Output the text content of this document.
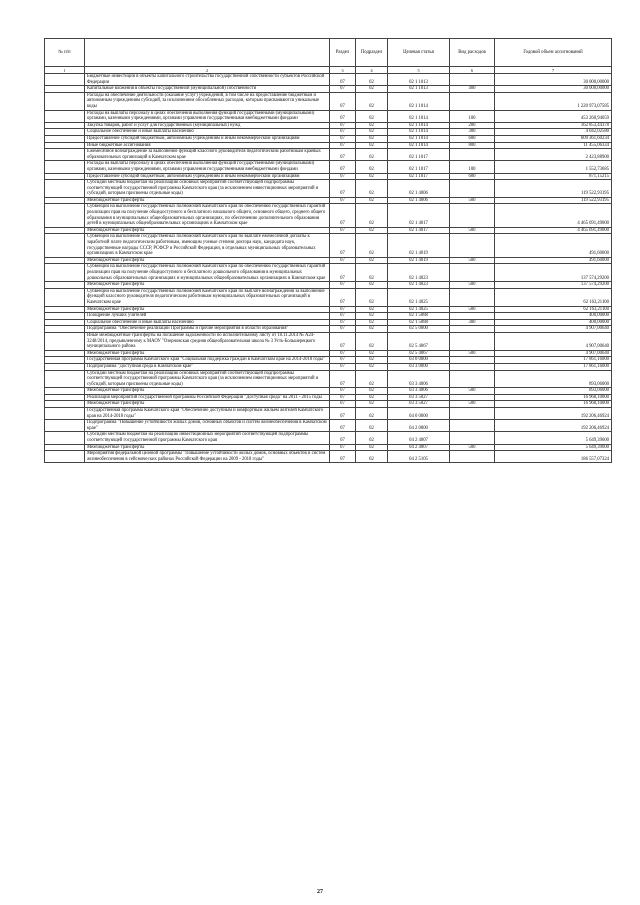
№ п/п		Раздел	Подраздел	Целевая статья	Вид расходов	Годовой объем ассигнований
1	2	3	4	5	6	7
	Бюджетные инвестиции в объекты капитального строительства государственной собственности субъектов Российской Федерации	07	02	02 1 1013		30 000,00000
	Капитальные вложения в объекты государственной (муниципальной) собственности	07	02	02 1 1013	400	30 000,00000
	Расходы на обеспечение деятельности (оказание услуг) учреждений, в том числе на предоставление бюджетным и автономным учреждениям субсидий, за исключением обособленных расходов, которым присваиваются уникальные коды	07	02	02 1 1014		1 220 973,07585
	Расходы на выплаты персоналу в целях обеспечения выполнения функций государственными (муниципальными) органами, казенными учреждениями, органами управления государственными внебюджетными фондами	07	02	02 1 1014	100	453 260,94059
	Закупка товаров, работ и услуг для государственных (муниципальных) нужд	07	02	02 1 1014	200	162 853,44378
	Социальное обеспечение и иные выплаты населению	07	02	02 1 1014	300	4 042,02580
	Предоставление субсидий бюджетным, автономным учреждениям и иным некоммерческим организациям	07	02	02 1 1014	600	609 361,60234
	Иные бюджетные ассигнования	07	02	02 1 1014	800	11 455,06334
	Ежемесячное вознаграждение за выполнение функций классного руководителя педагогическим работникам краевых образовательных организаций в Камчатском крае	07	02	02 1 1017		2 423,88900
	Расходы на выплаты персоналу в целях обеспечения выполнения функций государственными (муниципальными) органами, казенными учреждениями, органами управления государственными внебюджетными фондами	07	02	02 1 1017	100	1 552,73685
	Предоставление субсидий бюджетным, автономным учреждениям и иным некоммерческим организациям	07	02	02 1 1017	600	871,15215
	Субсидии местным бюджетам на реализацию основных мероприятий соответствующей подпрограммы соответствующей государственной программы Камчатского края (за исключением инвестиционных мероприятий и субсидий, которым присвоены отдельные коды)	07	02	02 1 4006		119 522,93195
	Межбюджетные трансферты	07	02	02 1 4006	500	119 522,93195
	Субвенции на выполнение государственных полномочий Камчатского края по обеспечению государственных гарантий реализации прав на получение общедоступного и бесплатного начального общего, основного общего, среднего общего образования в муниципальных общеобразовательных организациях, по обеспечению дополнительного образования детей в муниципальных общеобразовательных организациях в Камчатском крае	07	02	02 1 4017		4 465 691,49000
	Межбюджетные трансферты	07	02	02 1 4017	500	4 465 691,49000
	Субвенции на выполнение государственных полномочий Камчатского края по выплате ежемесячной доплаты к заработной плате педагогическим работникам, имеющим ученые степени доктора наук, кандидата наук, государственные награды СССР, РСФСР и Российской Федерации, в отдельных муниципальных образовательных организациях в Камчатском крае	07	02	02 1 4019		491,60000
	Межбюджетные трансферты	07	02	02 1 4019	500	491,60000
	Субвенции на выполнение государственных полномочий Камчатского края по обеспечению государственных гарантий реализации прав на получение общедоступного и бесплатного дошкольного образования в муниципальных дошкольных образовательных организациях и муниципальных общеобразовательных организациях в Камчатском крае	07	02	02 1 4023		137 574,29200
	Межбюджетные трансферты	07	02	02 1 4023	500	137 574,29200
	Субвенции на выполнение государственных полномочий Камчатского края по выплате вознаграждения за выполнение функций классного руководителя педагогическим работникам муниципальных образовательных организаций в Камчатском крае	07	02	02 1 4025		62 163,21100
	Межбюджетные трансферты	07	02	02 1 4025	500	62 163,21100
	Поощрение лучших учителей	07	02	02 1 5088		400,00000
	Социальное обеспечение и иные выплаты населению	07	02	02 1 5088	300	400,00000
	Подпрограмма "Обеспечение реализации Программы и прочие мероприятия в области образования"	07	02	02 5 0000		4 907,00640
	Иные межбюджетные трансферты на погашение задолженности по исполнительному листу от 18.11.2014 № А24-3248/2014, предъявленному к МАОУ "Озерновская средняя общеобразовательная школа № 3 Усть-Большерецкого муниципального района	07	02	02 5 4067		4 907,00640
	Межбюджетные трансферты	07	02	02 5 4067	500	4 907,00640
	Государственная программа Камчатского края "Социальная поддержка граждан в Камчатском крае на 2014-2018 годы"	07	02	03 0 0000		17 861,16000
	Подпрограмма "Доступная среда в Камчатском крае"	07	02	03 3 0000		17 861,16000
	Субсидии местным бюджетам на реализацию основных мероприятий соответствующей подпрограммы соответствующей государственной программы Камчатского края (за исключением инвестиционных мероприятий и субсидий, которым присвоены отдельные коды)	07	02	03 3 4006		893,06000
	Межбюджетные трансферты	07	02	03 3 4006	500	893,06000
	Реализация мероприятий государственной программы Российской Федерации "Доступная среда" на 2011 - 2015 годы	07	02	03 3 5027		16 968,10000
	Межбюджетные трансферты	07	02	03 3 5027	500	16 968,10000
	Государственная программа Камчатского края "Обеспечение доступным и комфортным жильем жителей Камчатского края на 2014-2018 годы"	07	02	04 0 0000		192 206,46924
	Подпрограмма "Повышение устойчивости жилых домов, основных объектов и систем жизнеобеспечения в Камчатском крае"	07	02	04 2 0000		192 206,46924
	Субсидии местным бюджетам на реализацию инвестиционных мероприятий соответствующей подпрограммы соответствующей государственной программы Камчатского края	07	02	04 2 4007		5 649,39600
	Межбюджетные трансферты	07	02	04 2 4007	500	5 649,39600
	Мероприятия федеральной целевой программы "Повышение устойчивости жилых домов, основных объектов и систем жизнеобеспечения в сейсмических районах Российской Федерации на 2009 - 2018 годы"	07	02	04 2 5105		186 557,07324
27
